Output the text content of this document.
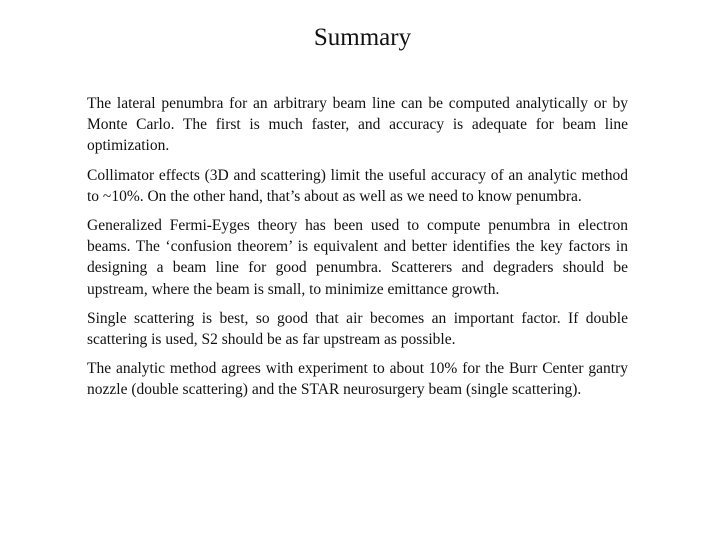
Summary

The lateral penumbra for an arbitrary beam line can be computed analytically or by Monte Carlo. The first is much faster, and accuracy is adequate for beam line optimization.

Collimator effects (3D and scattering) limit the useful accuracy of an analytic method to ~10%. On the other hand, that’s about as well as we need to know penumbra.

Generalized Fermi-Eyges theory has been used to compute penumbra in electron beams. The ‘confusion theorem’ is equivalent and better identifies the key factors in designing a beam line for good penumbra. Scatterers and degraders should be upstream, where the beam is small, to minimize emittance growth.

Single scattering is best, so good that air becomes an important factor. If double scattering is used, S2 should be as far upstream as possible.

The analytic method agrees with experiment to about 10% for the Burr Center gantry nozzle (double scattering) and the STAR neurosurgery beam (single scattering).
